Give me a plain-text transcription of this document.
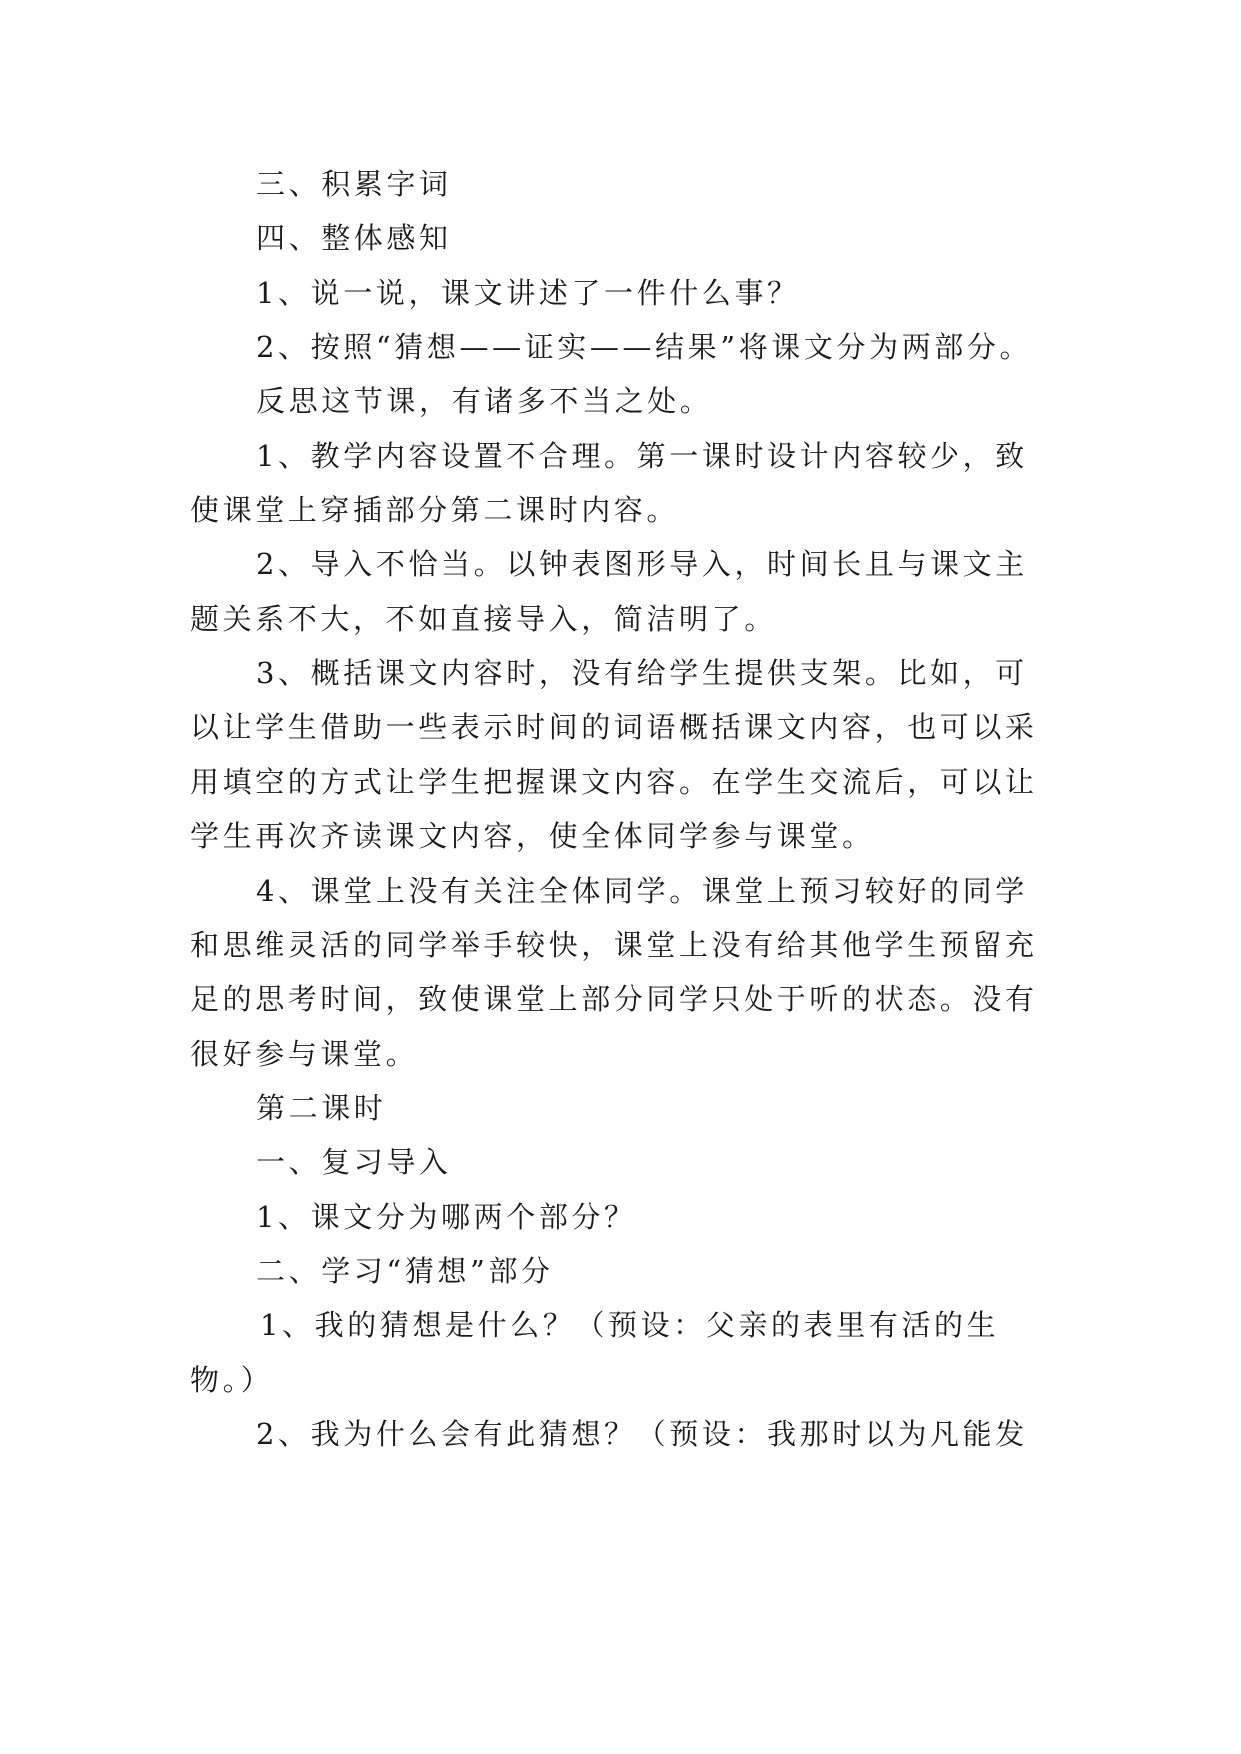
三、积累字词
四、整体感知
1、说一说，课文讲述了一件什么事？
2、按照“猜想——证实——结果”将课文分为两部分。
反思这节课，有诸多不当之处。
1、教学内容设置不合理。第一课时设计内容较少，致
使课堂上穿插部分第二课时内容。
2、导入不恰当。以钟表图形导入，时间长且与课文主
题关系不大，不如直接导入，简洁明了。
3、概括课文内容时，没有给学生提供支架。比如，可
以让学生借助一些表示时间的词语概括课文内容，也可以采
用填空的方式让学生把握课文内容。在学生交流后，可以让
学生再次齐读课文内容，使全体同学参与课堂。
4、课堂上没有关注全体同学。课堂上预习较好的同学
和思维灵活的同学举手较快，课堂上没有给其他学生预留充
足的思考时间，致使课堂上部分同学只处于听的状态。没有
很好参与课堂。
第二课时
一、复习导入
1、课文分为哪两个部分？
二、学习“猜想”部分
1、我的猜想是什么？（预设：父亲的表里有活的生
物。）
2、我为什么会有此猜想？（预设：我那时以为凡能发
